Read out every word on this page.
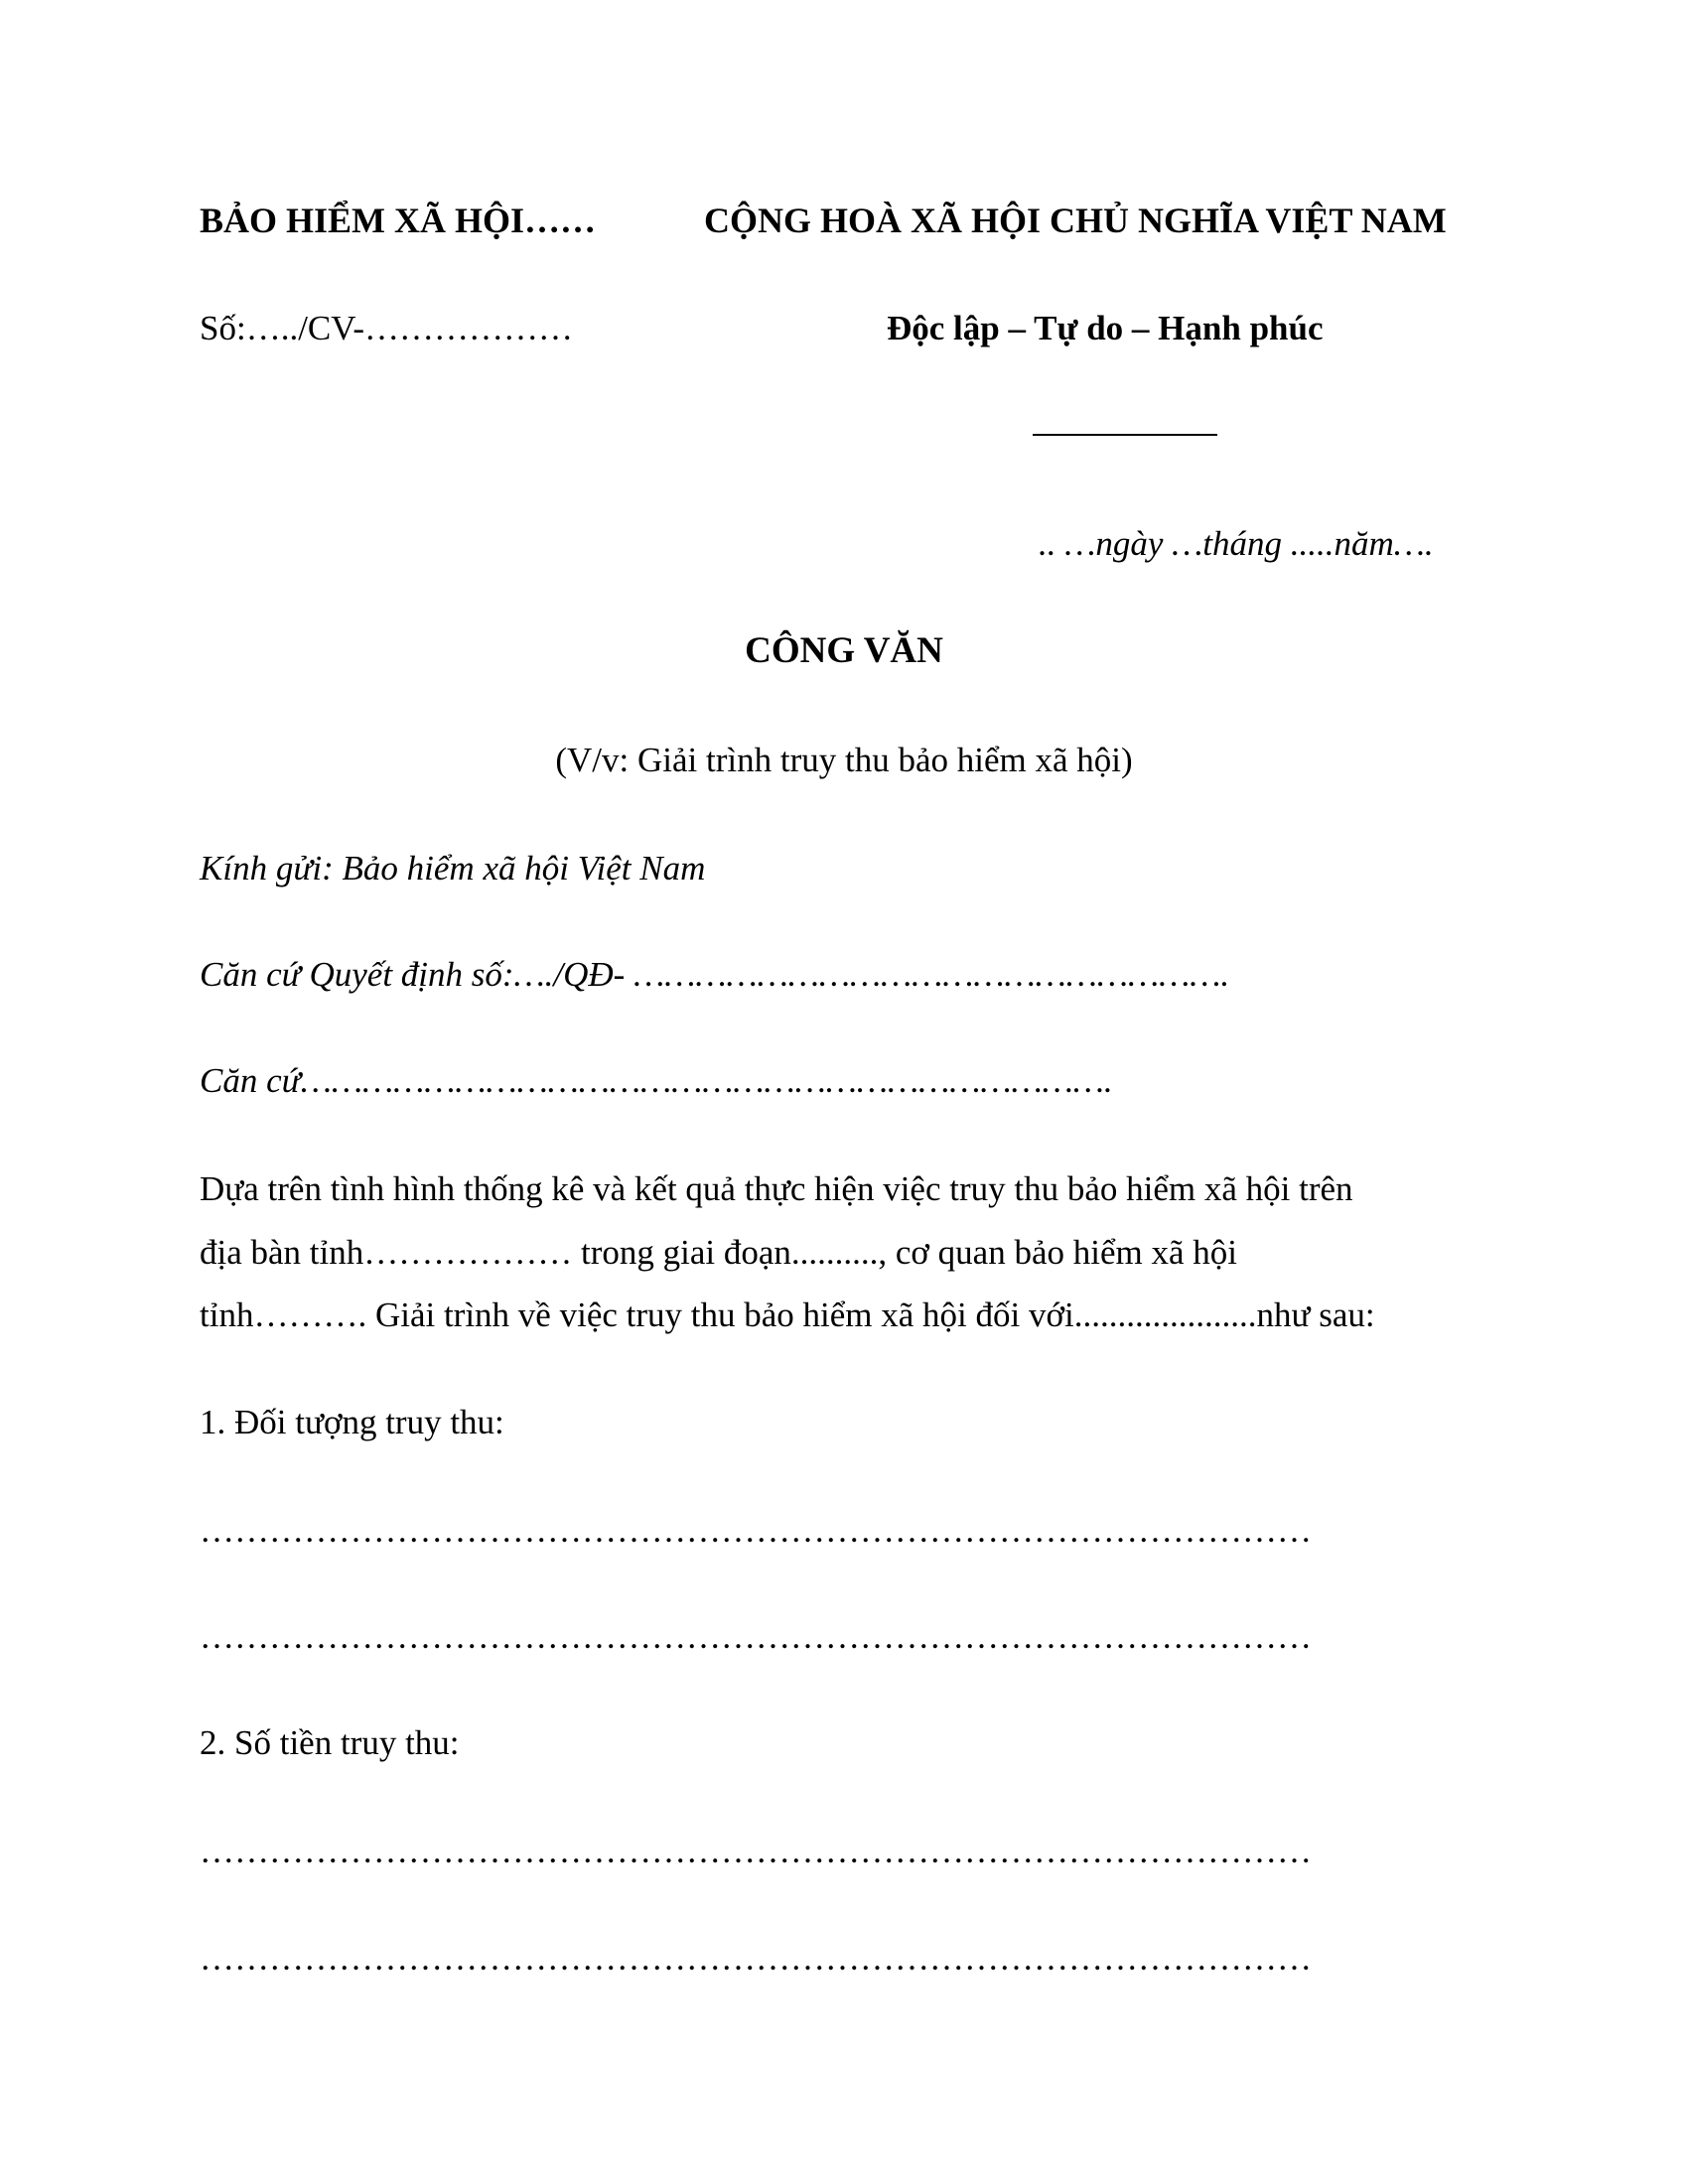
BẢO HIỂM XÃ HỘI……	CỘNG HOÀ XÃ HỘI CHỦ NGHĨA VIỆT NAM
Số:…../CV-………………	Độc lập – Tự do – Hạnh phúc
.. …ngày …tháng .....năm….
CÔNG VĂN
(V/v: Giải trình truy thu bảo hiểm xã hội)
Kính gửi: Bảo hiểm xã hội Việt Nam
Căn cứ Quyết định số:…./QĐ- ………………………………………………….
Căn cứ…………………………………………………………………….
Dựa trên tình hình thống kê và kết quả thực hiện việc truy thu bảo hiểm xã hội trên
địa bàn tỉnh……………… trong giai đoạn.........., cơ quan bảo hiểm xã hội
tỉnh………. Giải trình về việc truy thu bảo hiểm xã hội đối với.....................như sau:
1. Đối tượng truy thu:
……………………………………………………………………………………
……………………………………………………………………………………
2. Số tiền truy thu:
……………………………………………………………………………………
……………………………………………………………………………………
